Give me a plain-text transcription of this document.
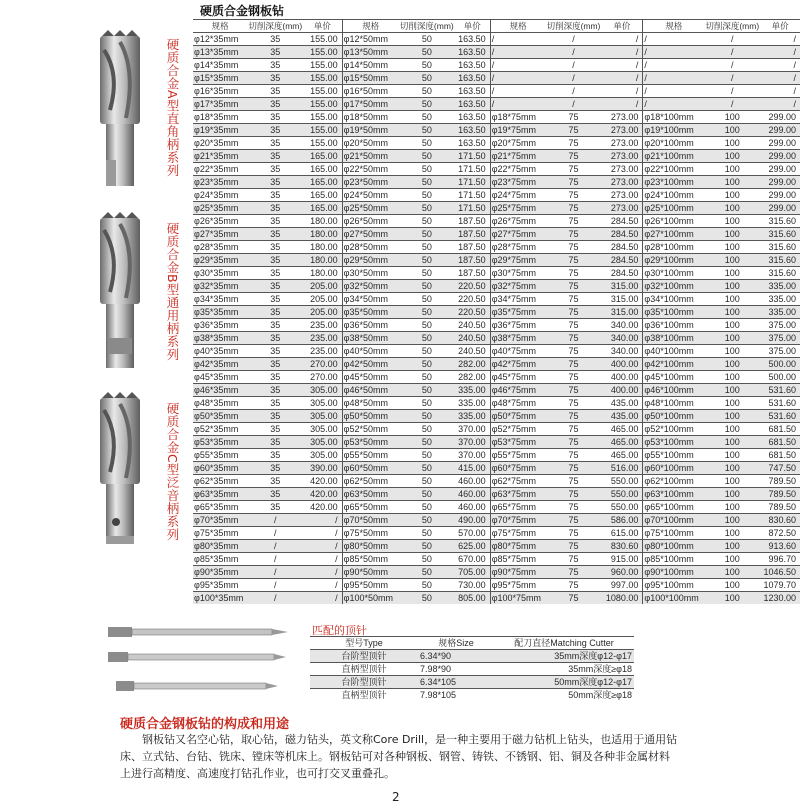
硬质合金钢板钻
硬质合金A型直角柄系列
硬质合金B型通用柄系列
硬质合金C型泛音柄系列
规格	切削深度(mm)	单价	规格	切削深度(mm)	单价	规格	切削深度(mm)	单价	规格	切削深度(mm)	单价
φ12*35mm	35	155.00	φ12*50mm	50	163.50	/	/	/	/	/	/
φ13*35mm	35	155.00	φ13*50mm	50	163.50	/	/	/	/	/	/
φ14*35mm	35	155.00	φ14*50mm	50	163.50	/	/	/	/	/	/
φ15*35mm	35	155.00	φ15*50mm	50	163.50	/	/	/	/	/	/
φ16*35mm	35	155.00	φ16*50mm	50	163.50	/	/	/	/	/	/
φ17*35mm	35	155.00	φ17*50mm	50	163.50	/	/	/	/	/	/
φ18*35mm	35	155.00	φ18*50mm	50	163.50	φ18*75mm	75	273.00	φ18*100mm	100	299.00
φ19*35mm	35	155.00	φ19*50mm	50	163.50	φ19*75mm	75	273.00	φ19*100mm	100	299.00
φ20*35mm	35	155.00	φ20*50mm	50	163.50	φ20*75mm	75	273.00	φ20*100mm	100	299.00
φ21*35mm	35	165.00	φ21*50mm	50	171.50	φ21*75mm	75	273.00	φ21*100mm	100	299.00
φ22*35mm	35	165.00	φ22*50mm	50	171.50	φ22*75mm	75	273.00	φ22*100mm	100	299.00
φ23*35mm	35	165.00	φ23*50mm	50	171.50	φ23*75mm	75	273.00	φ23*100mm	100	299.00
φ24*35mm	35	165.00	φ24*50mm	50	171.50	φ24*75mm	75	273.00	φ24*100mm	100	299.00
φ25*35mm	35	165.00	φ25*50mm	50	171.50	φ25*75mm	75	273.00	φ25*100mm	100	299.00
φ26*35mm	35	180.00	φ26*50mm	50	187.50	φ26*75mm	75	284.50	φ26*100mm	100	315.60
φ27*35mm	35	180.00	φ27*50mm	50	187.50	φ27*75mm	75	284.50	φ27*100mm	100	315.60
φ28*35mm	35	180.00	φ28*50mm	50	187.50	φ28*75mm	75	284.50	φ28*100mm	100	315.60
φ29*35mm	35	180.00	φ29*50mm	50	187.50	φ29*75mm	75	284.50	φ29*100mm	100	315.60
φ30*35mm	35	180.00	φ30*50mm	50	187.50	φ30*75mm	75	284.50	φ30*100mm	100	315.60
φ32*35mm	35	205.00	φ32*50mm	50	220.50	φ32*75mm	75	315.00	φ32*100mm	100	335.00
φ34*35mm	35	205.00	φ34*50mm	50	220.50	φ34*75mm	75	315.00	φ34*100mm	100	335.00
φ35*35mm	35	205.00	φ35*50mm	50	220.50	φ35*75mm	75	315.00	φ35*100mm	100	335.00
φ36*35mm	35	235.00	φ36*50mm	50	240.50	φ36*75mm	75	340.00	φ36*100mm	100	375.00
φ38*35mm	35	235.00	φ38*50mm	50	240.50	φ38*75mm	75	340.00	φ38*100mm	100	375.00
φ40*35mm	35	235.00	φ40*50mm	50	240.50	φ40*75mm	75	340.00	φ40*100mm	100	375.00
φ42*35mm	35	270.00	φ42*50mm	50	282.00	φ42*75mm	75	400.00	φ42*100mm	100	500.00
φ45*35mm	35	270.00	φ45*50mm	50	282.00	φ45*75mm	75	400.00	φ45*100mm	100	500.00
φ46*35mm	35	305.00	φ46*50mm	50	335.00	φ46*75mm	75	400.00	φ46*100mm	100	531.60
φ48*35mm	35	305.00	φ48*50mm	50	335.00	φ48*75mm	75	435.00	φ48*100mm	100	531.60
φ50*35mm	35	305.00	φ50*50mm	50	335.00	φ50*75mm	75	435.00	φ50*100mm	100	531.60
φ52*35mm	35	305.00	φ52*50mm	50	370.00	φ52*75mm	75	465.00	φ52*100mm	100	681.50
φ53*35mm	35	305.00	φ53*50mm	50	370.00	φ53*75mm	75	465.00	φ53*100mm	100	681.50
φ55*35mm	35	305.00	φ55*50mm	50	370.00	φ55*75mm	75	465.00	φ55*100mm	100	681.50
φ60*35mm	35	390.00	φ60*50mm	50	415.00	φ60*75mm	75	516.00	φ60*100mm	100	747.50
φ62*35mm	35	420.00	φ62*50mm	50	460.00	φ62*75mm	75	550.00	φ62*100mm	100	789.50
φ63*35mm	35	420.00	φ63*50mm	50	460.00	φ63*75mm	75	550.00	φ63*100mm	100	789.50
φ65*35mm	35	420.00	φ65*50mm	50	460.00	φ65*75mm	75	550.00	φ65*100mm	100	789.50
φ70*35mm	/	/	φ70*50mm	50	490.00	φ70*75mm	75	586.00	φ70*100mm	100	830.60
φ75*35mm	/	/	φ75*50mm	50	570.00	φ75*75mm	75	615.00	φ75*100mm	100	872.50
φ80*35mm	/	/	φ80*50mm	50	625.00	φ80*75mm	75	830.60	φ80*100mm	100	913.60
φ85*35mm	/	/	φ85*50mm	50	670.00	φ85*75mm	75	915.00	φ85*100mm	100	996.70
φ90*35mm	/	/	φ90*50mm	50	705.00	φ90*75mm	75	960.00	φ90*100mm	100	1046.50
φ95*35mm	/	/	φ95*50mm	50	730.00	φ95*75mm	75	997.00	φ95*100mm	100	1079.70
φ100*35mm	/	/	φ100*50mm	50	805.00	φ100*75mm	75	1080.00	φ100*100mm	100	1230.00
匹配的顶针
型号Type	规格Size	配刀直径Matching Cutter
台阶型顶针	6.34*90	35mm深度φ12-φ17
直柄型顶针	7.98*90	35mm深度≥φ18
台阶型顶针	6.34*105	50mm深度φ12-φ17
直柄型顶针	7.98*105	50mm深度≥φ18
硬质合金钢板钻的构成和用途
钢板钻又名空心钻，取心钻，磁力钻头，英文称Core Drill，是一种主要用于磁力钻机上钻头，也适用于通用钻床、立式钻、台钻、铣床、镗床等机床上。钢板钻可对各种钢板、钢管、铸铁、不锈钢、铝、铜及各种非金属材料上进行高精度、高速度打钻孔作业，也可打交叉重叠孔。
2
